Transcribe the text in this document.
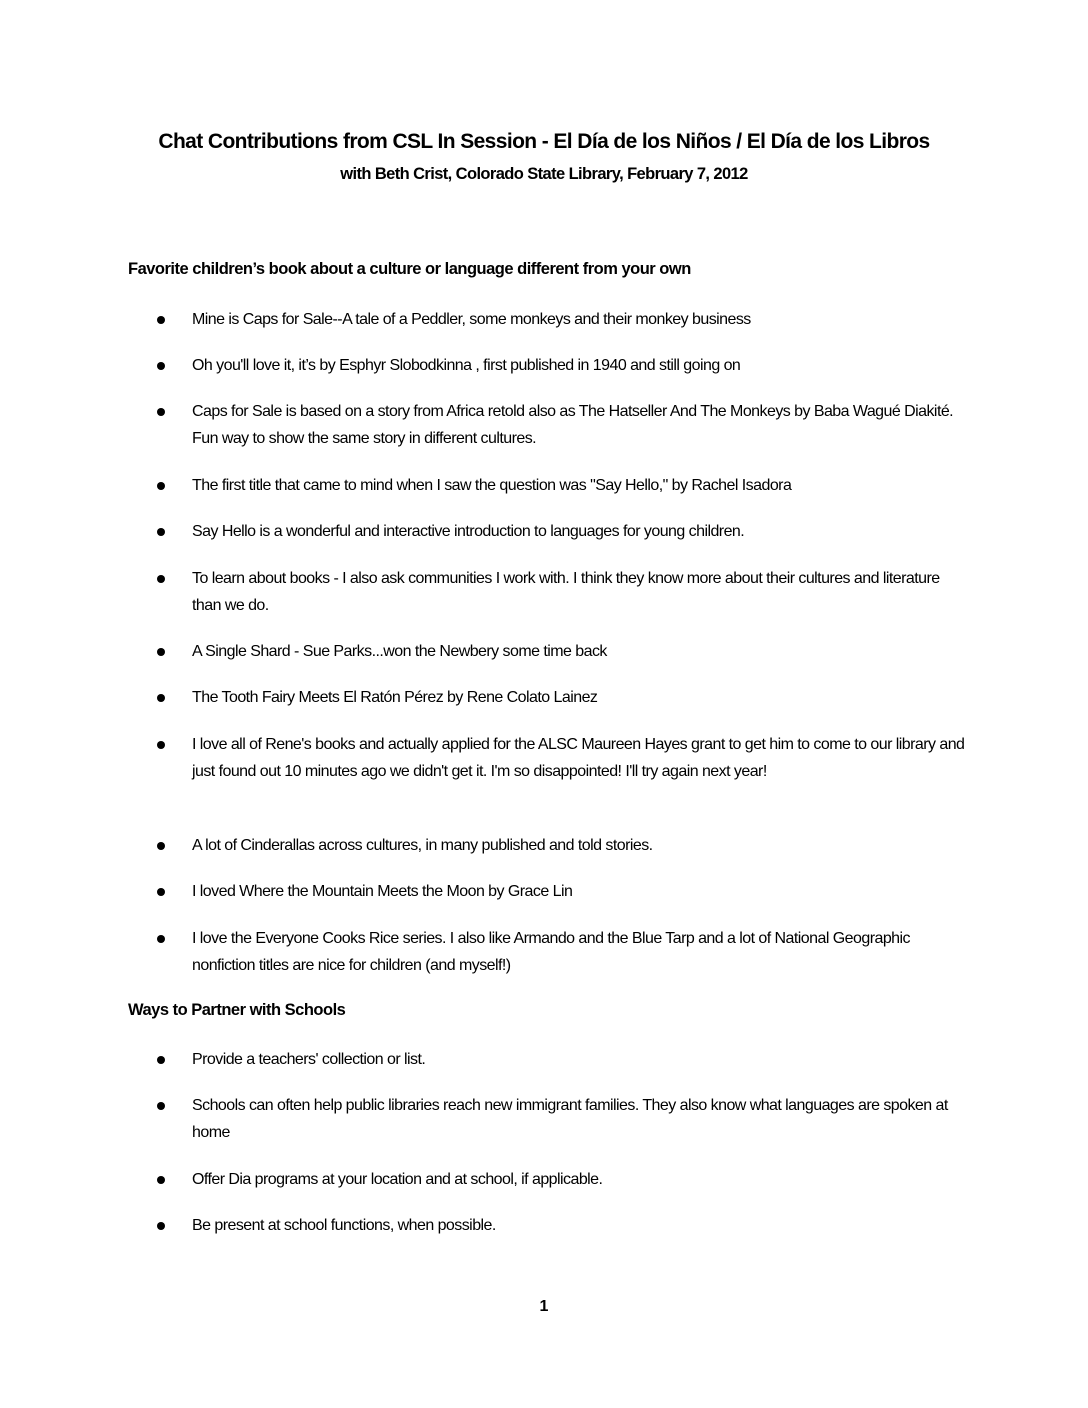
Chat Contributions from CSL In Session - El Día de los Niños / El Día de los Libros
with Beth Crist, Colorado State Library, February 7, 2012
Favorite children’s book about a culture or language different from your own
Mine is Caps for Sale--A tale of a Peddler, some monkeys and their monkey business
Oh you'll love it, it’s by Esphyr Slobodkinna , first published in 1940 and still going on
Caps for Sale is based on a story from Africa retold also as The Hatseller And The Monkeys by Baba Wagué Diakité. Fun way to show the same story in different cultures.
The first title that came to mind when I saw the question was "Say Hello," by Rachel Isadora
Say Hello is a wonderful and interactive introduction to languages for young children.
To learn about books - I also ask communities I work with. I think they know more about their cultures and literature than we do.
A Single Shard - Sue Parks...won the Newbery some time back
The Tooth Fairy Meets El Ratón Pérez by Rene Colato Lainez
I love all of Rene's books and actually applied for the ALSC Maureen Hayes grant to get him to come to our library and just found out 10 minutes ago we didn't get it. I'm so disappointed! I'll try again next year!
A lot of Cinderallas across cultures, in many published and told stories.
I loved Where the Mountain Meets the Moon by Grace Lin
I love the Everyone Cooks Rice series. I also like Armando and the Blue Tarp and a lot of National Geographic nonfiction titles are nice for children (and myself!)
Ways to Partner with Schools
Provide a teachers' collection or list.
Schools can often help public libraries reach new immigrant families. They also know what languages are spoken at home
Offer Dia programs at your location and at school, if applicable.
Be present at school functions, when possible.
1
